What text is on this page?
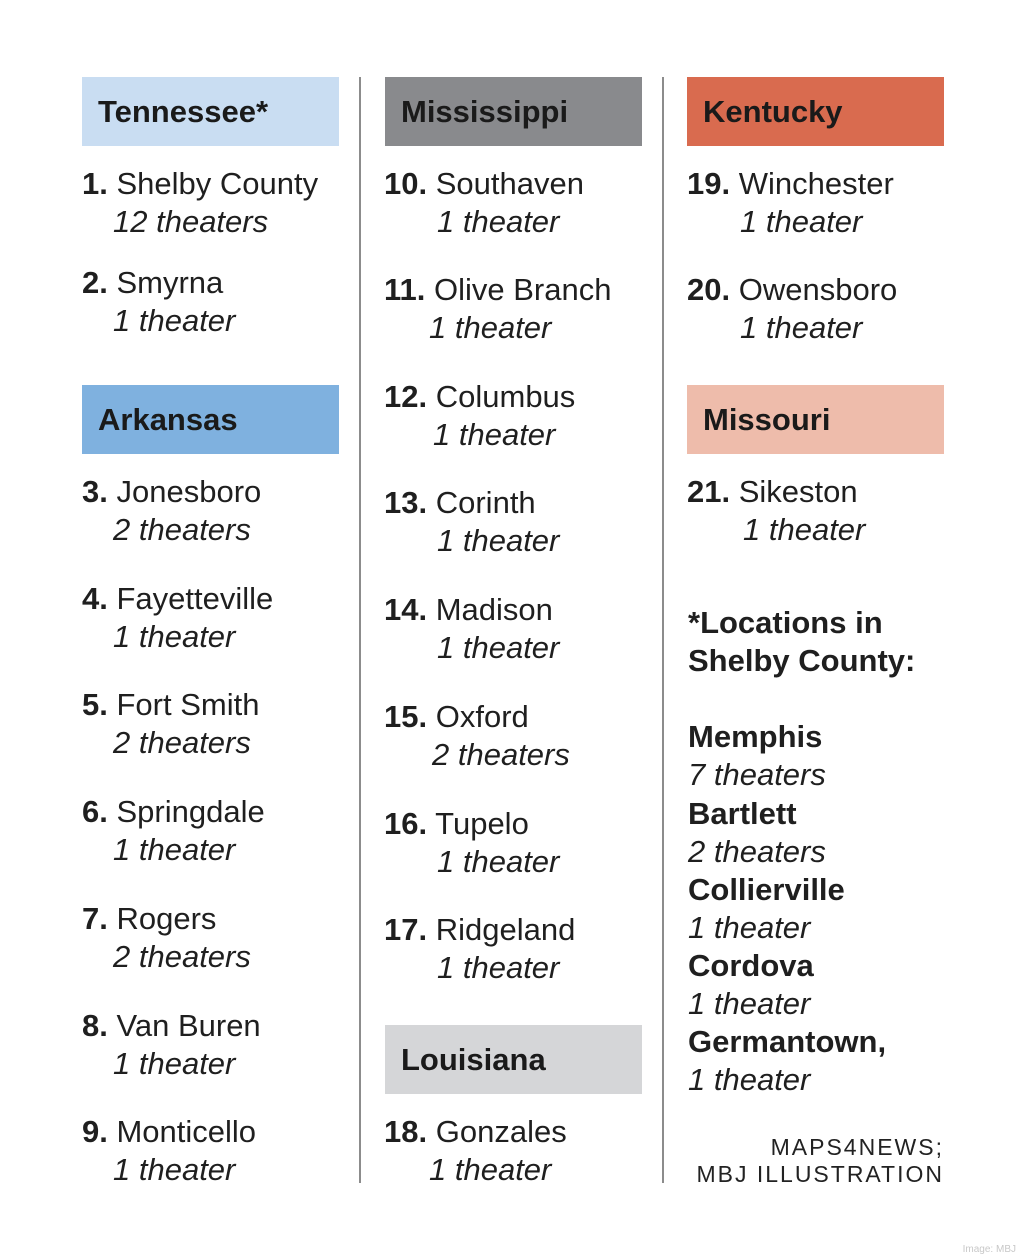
Tennessee*
Arkansas
Mississippi
Louisiana
Kentucky
Missouri
1. Shelby County
12 theaters
2. Smyrna
1 theater
3. Jonesboro
2 theaters
4. Fayetteville
1 theater
5. Fort Smith
2 theaters
6. Springdale
1 theater
7. Rogers
2 theaters
8. Van Buren
1 theater
9. Monticello
1 theater
10. Southaven
1 theater
11. Olive Branch
1 theater
12. Columbus
1 theater
13. Corinth
1 theater
14. Madison
1 theater
15. Oxford
2 theaters
16. Tupelo
1 theater
17. Ridgeland
1 theater
18. Gonzales
1 theater
19. Winchester
1 theater
20. Owensboro
1 theater
21. Sikeston
1 theater
*Locations in
Shelby County:
Memphis
7 theaters
Bartlett
2 theaters
Collierville
1 theater
Cordova
1 theater
Germantown,
1 theater
MAPS4NEWS;
MBJ ILLUSTRATION
Image: MBJ
